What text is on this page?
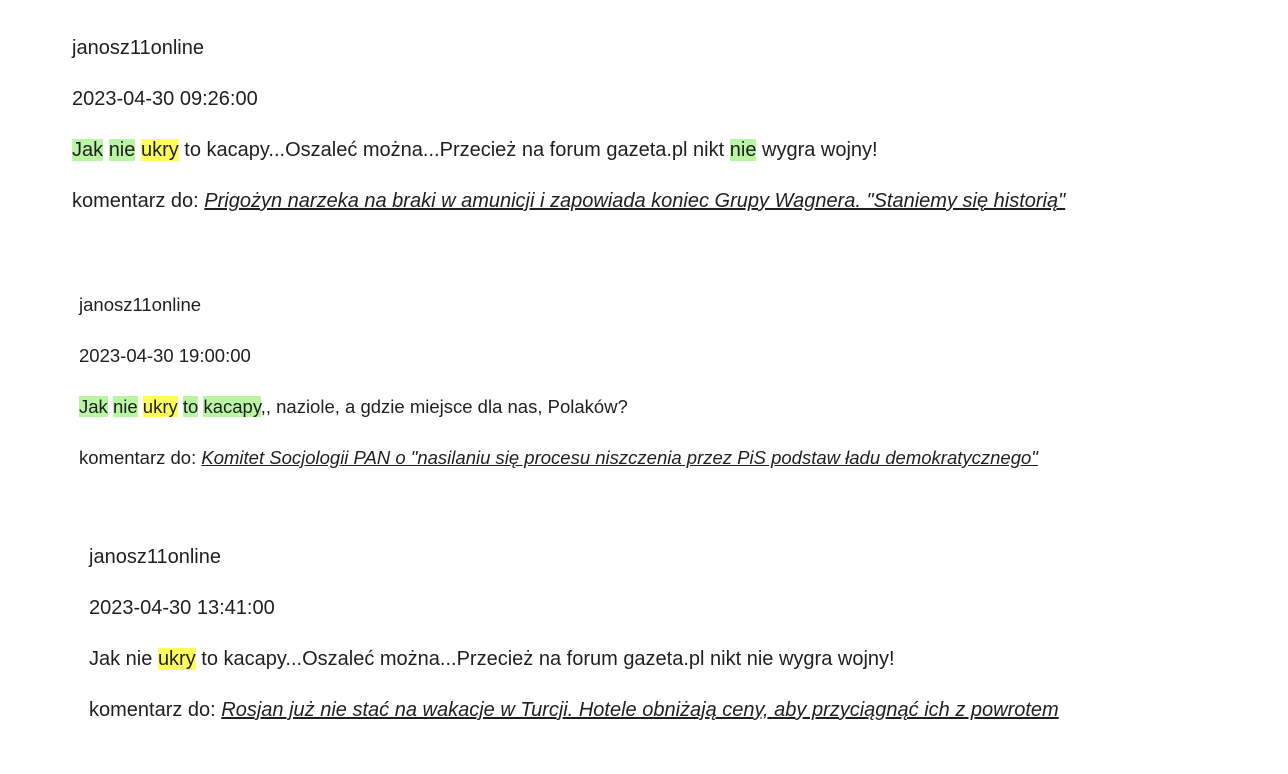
janosz11online
2023-04-30 09:26:00
Jak nie ukry to kacapy...Oszaleć można...Przecież na forum gazeta.pl nikt nie wygra wojny!
komentarz do: Prigożyn narzeka na braki w amunicji i zapowiada koniec Grupy Wagnera. "Staniemy się historią"
janosz11online
2023-04-30 19:00:00
Jak nie ukry to kacapy,, naziole, a gdzie miejsce dla nas, Polaków?
komentarz do: Komitet Socjologii PAN o "nasilaniu się procesu niszczenia przez PiS podstaw ładu demokratycznego"
janosz11online
2023-04-30 13:41:00
Jak nie ukry to kacapy...Oszaleć można...Przecież na forum gazeta.pl nikt nie wygra wojny!
komentarz do: Rosjan już nie stać na wakacje w Turcji. Hotele obniżają ceny, aby przyciągnąć ich z powrotem
